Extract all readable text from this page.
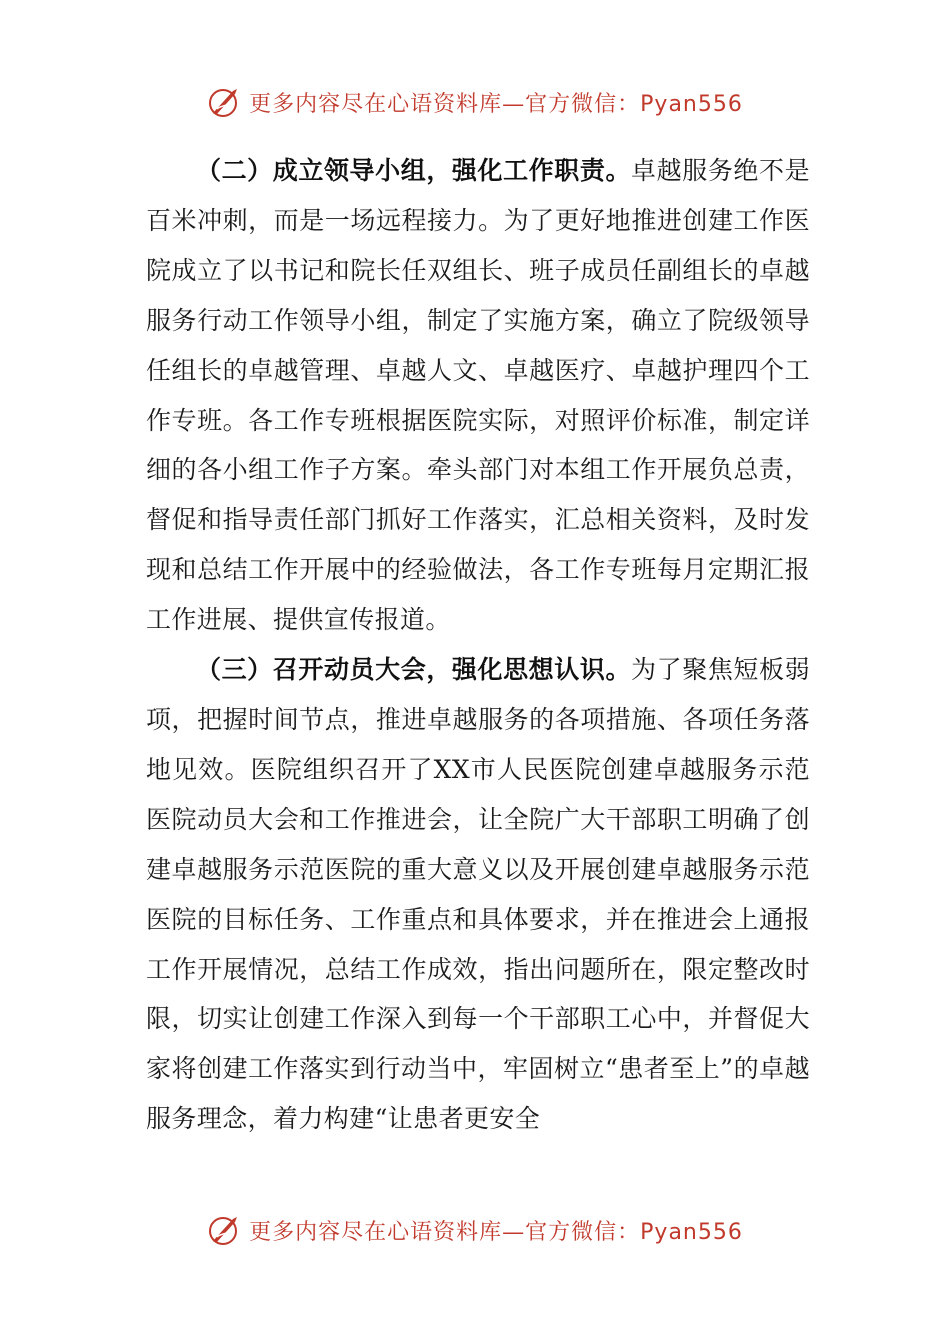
更多内容尽在心语资料库—官方微信：Pyan556

（二）成立领导小组，强化工作职责。卓越服务绝不是百米冲刺，而是一场远程接力。为了更好地推进创建工作医院成立了以书记和院长任双组长、班子成员任副组长的卓越服务行动工作领导小组，制定了实施方案，确立了院级领导任组长的卓越管理、卓越人文、卓越医疗、卓越护理四个工作专班。各工作专班根据医院实际，对照评价标准，制定详细的各小组工作子方案。牵头部门对本组工作开展负总责，督促和指导责任部门抓好工作落实，汇总相关资料，及时发现和总结工作开展中的经验做法，各工作专班每月定期汇报工作进展、提供宣传报道。

（三）召开动员大会，强化思想认识。为了聚焦短板弱项，把握时间节点，推进卓越服务的各项措施、各项任务落地见效。医院组织召开了XX市人民医院创建卓越服务示范医院动员大会和工作推进会，让全院广大干部职工明确了创建卓越服务示范医院的重大意义以及开展创建卓越服务示范医院的目标任务、工作重点和具体要求，并在推进会上通报工作开展情况，总结工作成效，指出问题所在，限定整改时限，切实让创建工作深入到每一个干部职工心中，并督促大家将创建工作落实到行动当中，牢固树立“患者至上”的卓越服务理念，着力构建“让患者更安全

更多内容尽在心语资料库—官方微信：Pyan556
